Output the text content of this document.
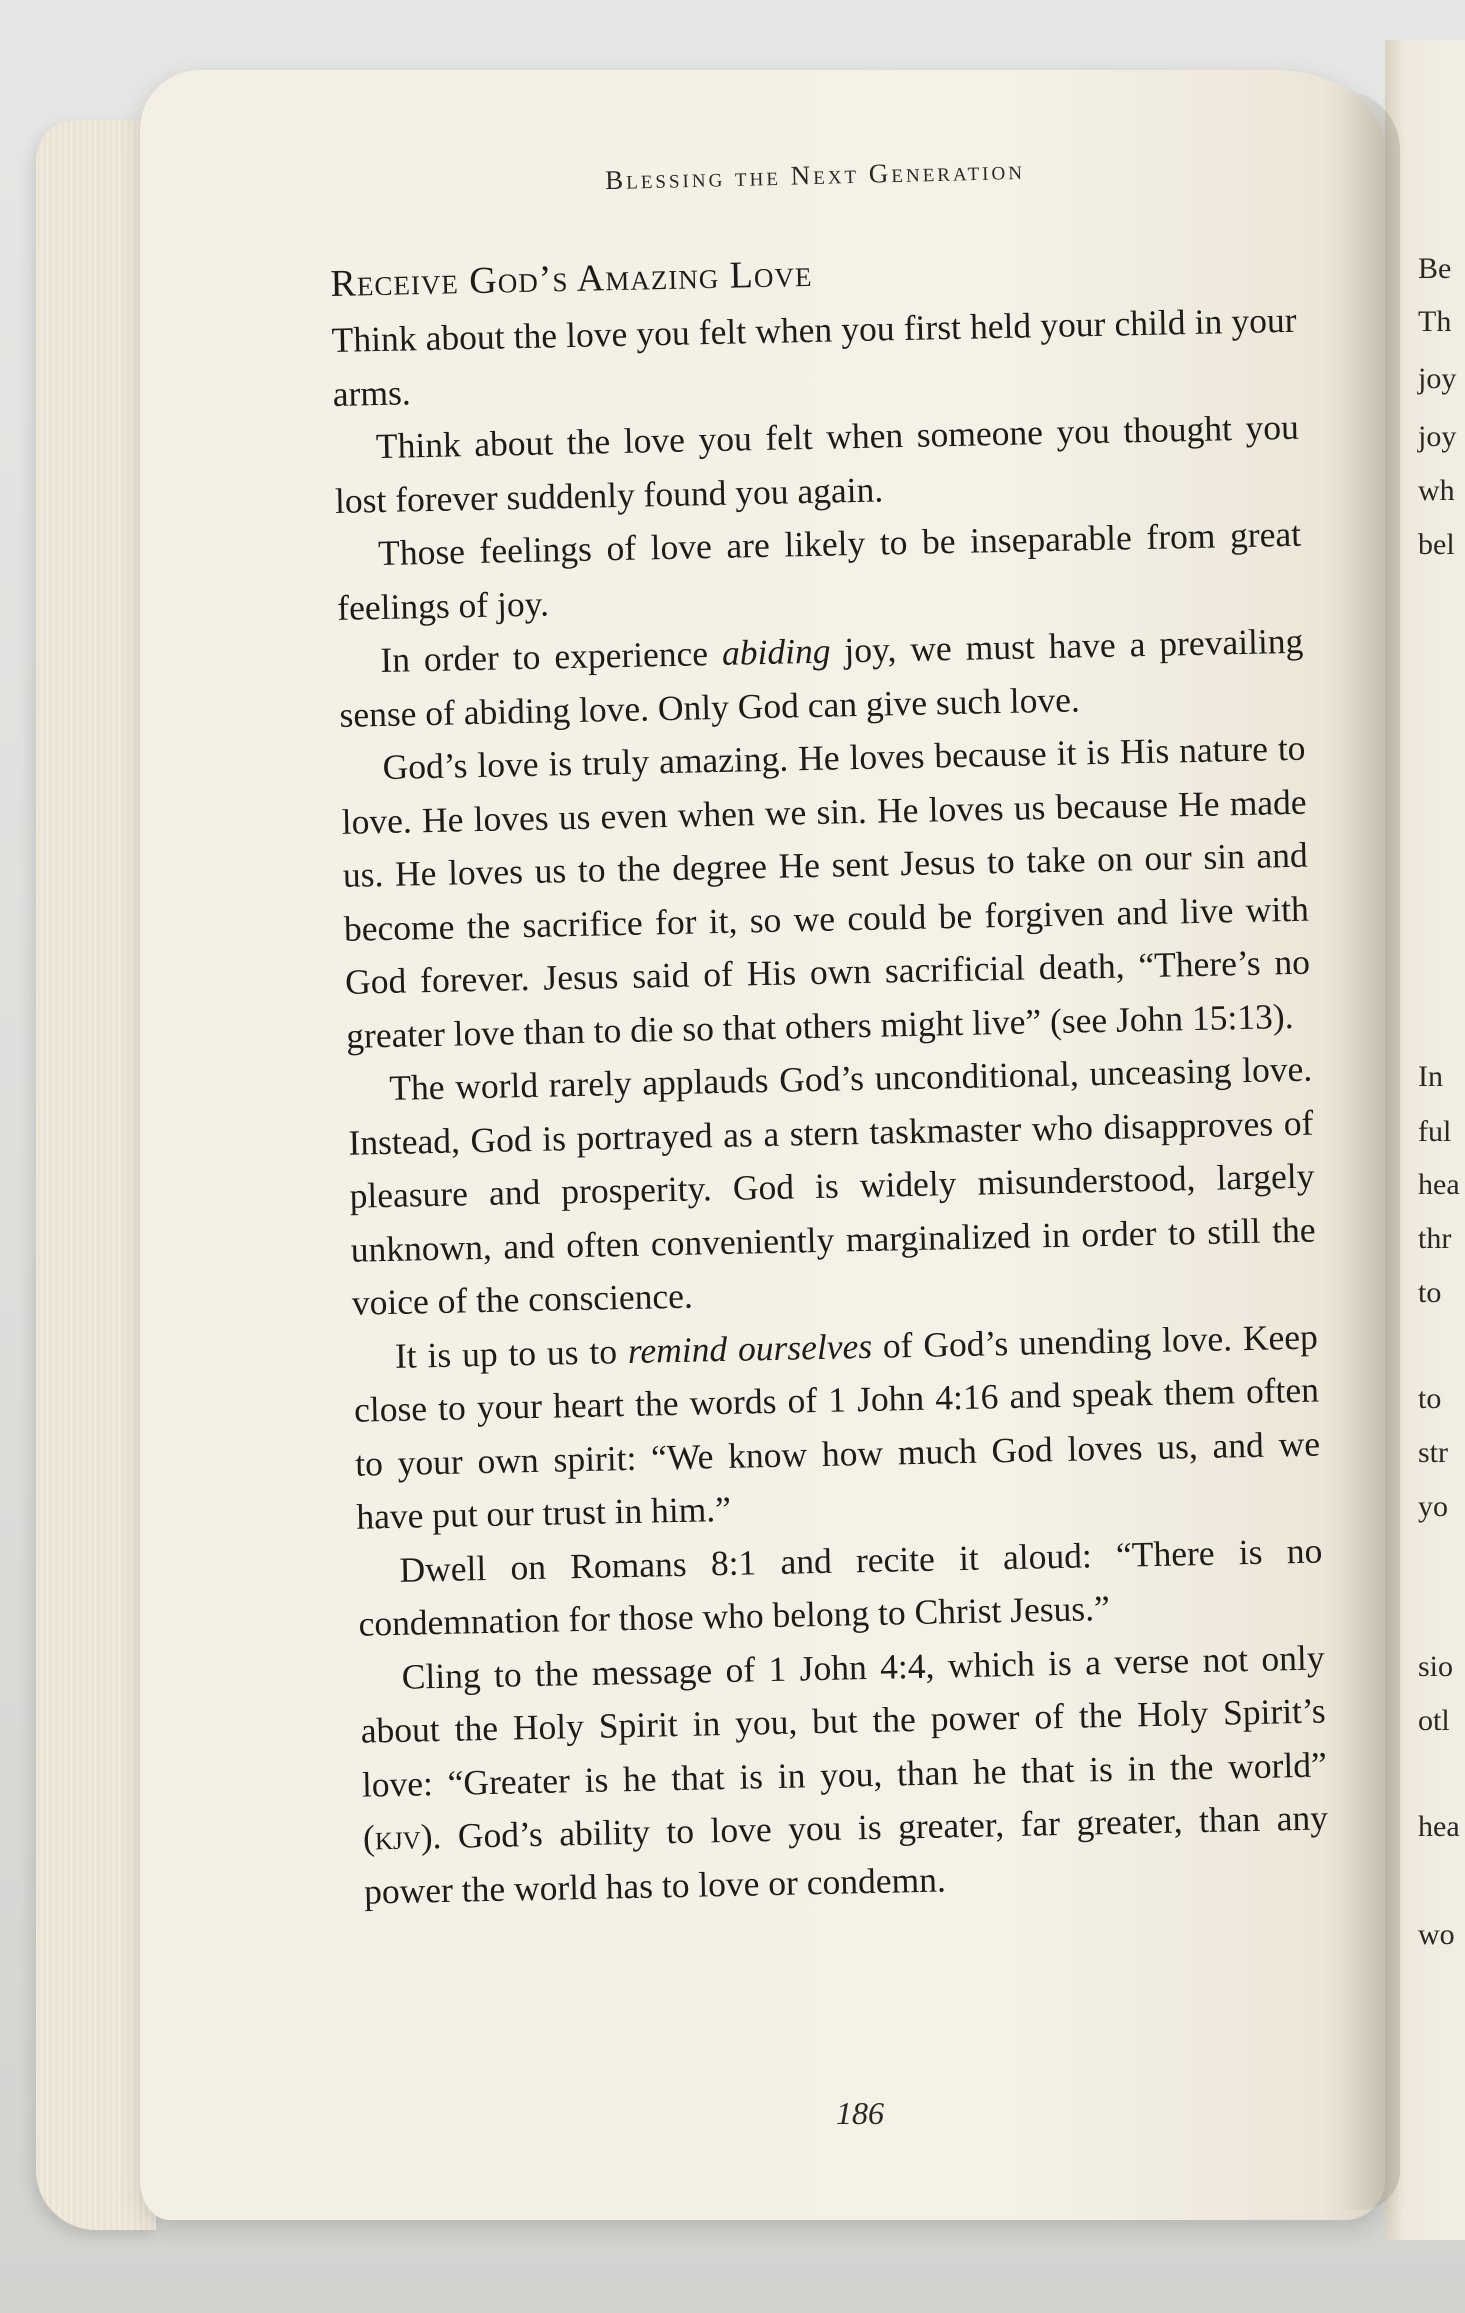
Blessing the Next Generation
Receive God’s Amazing Love

Think about the love you felt when you first held your child in your arms.

Think about the love you felt when someone you thought you lost forever suddenly found you again.

Those feelings of love are likely to be inseparable from great feelings of joy.

In order to experience abiding joy, we must have a prevailing sense of abiding love. Only God can give such love.

God’s love is truly amazing. He loves because it is His nature to love. He loves us even when we sin. He loves us because He made us. He loves us to the degree He sent Jesus to take on our sin and become the sacrifice for it, so we could be forgiven and live with God forever. Jesus said of His own sacrificial death, “There’s no greater love than to die so that others might live” (see John 15:13).

The world rarely applauds God’s unconditional, unceasing love. Instead, God is portrayed as a stern taskmaster who disapproves of pleasure and prosperity. God is widely misunderstood, largely unknown, and often conveniently marginalized in order to still the voice of the conscience.

It is up to us to remind ourselves of God’s unending love. Keep close to your heart the words of 1 John 4:16 and speak them often to your own spirit: “We know how much God loves us, and we have put our trust in him.”

Dwell on Romans 8:1 and recite it aloud: “There is no condemnation for those who belong to Christ Jesus.”

Cling to the message of 1 John 4:4, which is a verse not only about the Holy Spirit in you, but the power of the Holy Spirit’s love: “Greater is he that is in you, than he that is in the world” (kjv). God’s ability to love you is greater, far greater, than any power the world has to love or condemn.

186
Be
Th
joy
joy
wh
bel
In
ful
hea
thr
to
to
str
yo
sio
otl
hea
wo
